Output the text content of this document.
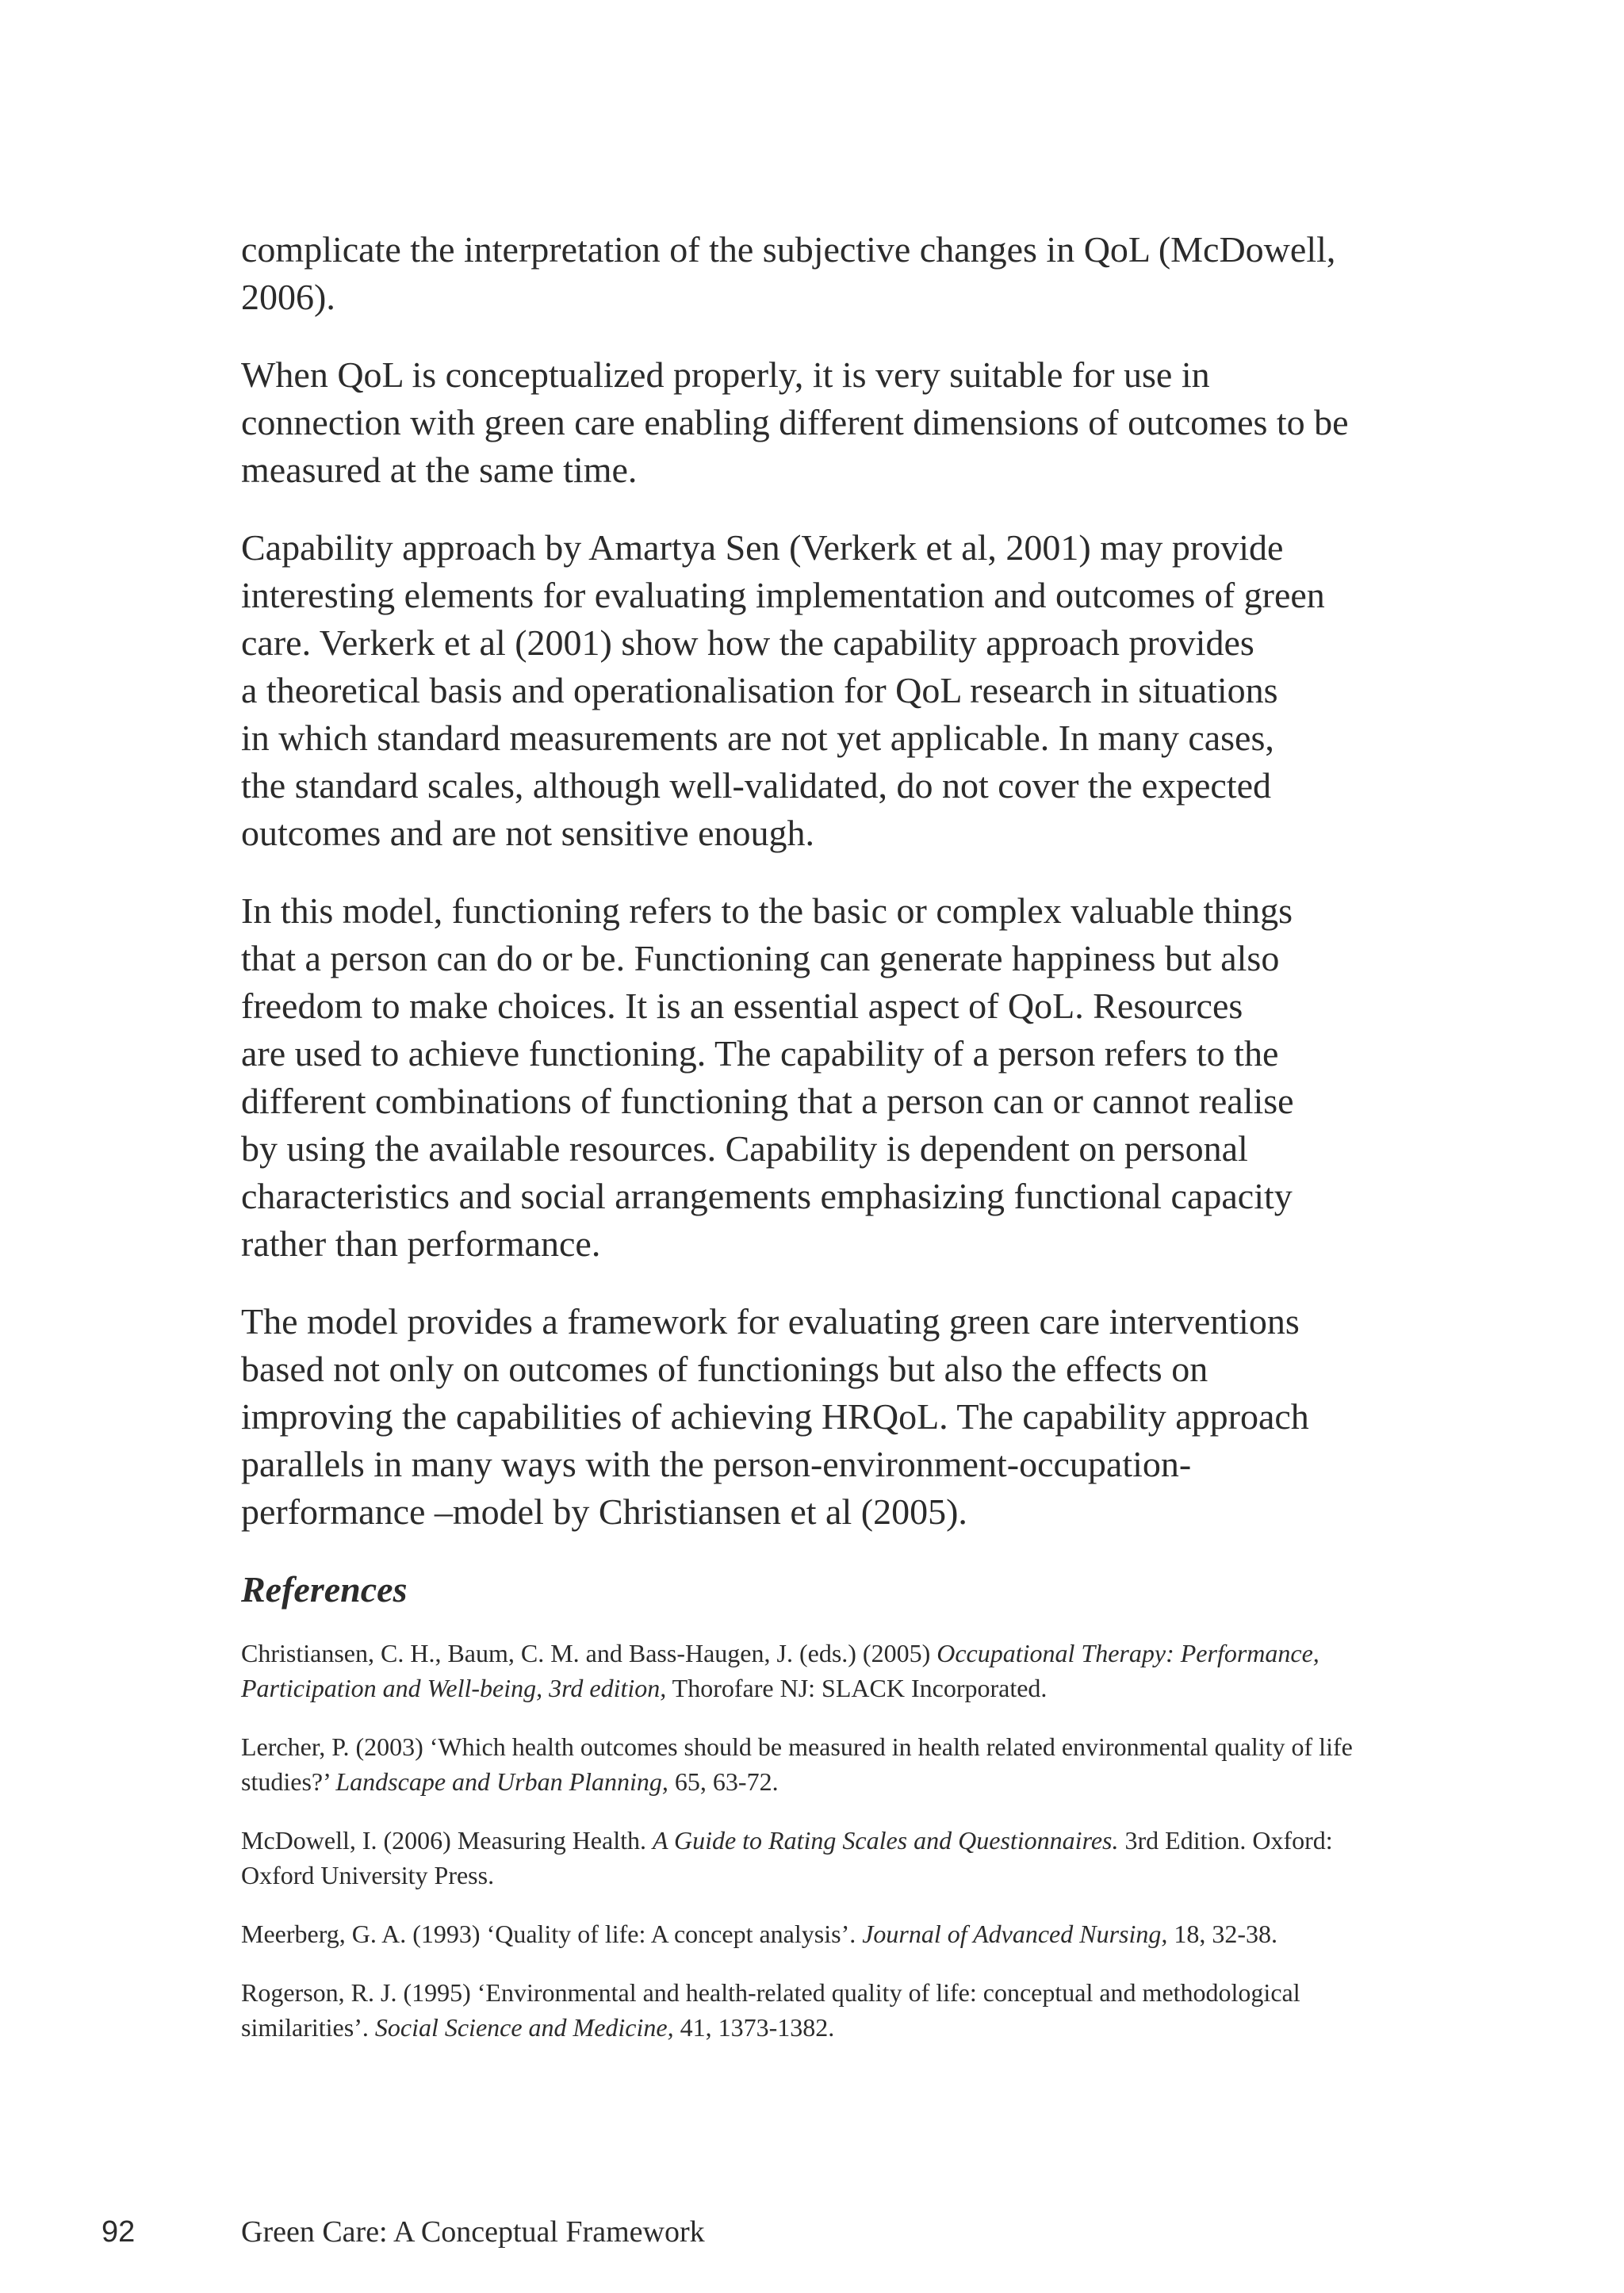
complicate the interpretation of the subjective changes in QoL (McDowell,
2006).

When QoL is conceptualized properly, it is very suitable for use in
connection with green care enabling different dimensions of outcomes to be
measured at the same time.

Capability approach by Amartya Sen (Verkerk et al, 2001) may provide
interesting elements for evaluating implementation and outcomes of green
care. Verkerk et al (2001) show how the capability approach provides
a theoretical basis and operationalisation for QoL research in situations
in which standard measurements are not yet applicable. In many cases,
the standard scales, although well-validated, do not cover the expected
outcomes and are not sensitive enough.

In this model, functioning refers to the basic or complex valuable things
that a person can do or be. Functioning can generate happiness but also
freedom to make choices. It is an essential aspect of QoL. Resources
are used to achieve functioning. The capability of a person refers to the
different combinations of functioning that a person can or cannot realise
by using the available resources. Capability is dependent on personal
characteristics and social arrangements emphasizing functional capacity
rather than performance.

The model provides a framework for evaluating green care interventions
based not only on outcomes of functionings but also the effects on
improving the capabilities of achieving HRQoL. The capability approach
parallels in many ways with the person-environment-occupation-
performance –model by Christiansen et al (2005).

References

Christiansen, C. H., Baum, C. M. and Bass-Haugen, J. (eds.) (2005) Occupational Therapy: Performance, Participation and Well-being, 3rd edition, Thorofare NJ: SLACK Incorporated.

Lercher, P. (2003) ‘Which health outcomes should be measured in health related environmental quality of life studies?’ Landscape and Urban Planning, 65, 63-72.

McDowell, I. (2006) Measuring Health. A Guide to Rating Scales and Questionnaires. 3rd Edition. Oxford: Oxford University Press.

Meerberg, G. A. (1993) ‘Quality of life: A concept analysis’. Journal of Advanced Nursing, 18, 32-38.

Rogerson, R. J. (1995) ‘Environmental and health-related quality of life: conceptual and methodological similarities’. Social Science and Medicine, 41, 1373-1382.

92	Green Care: A Conceptual Framework
